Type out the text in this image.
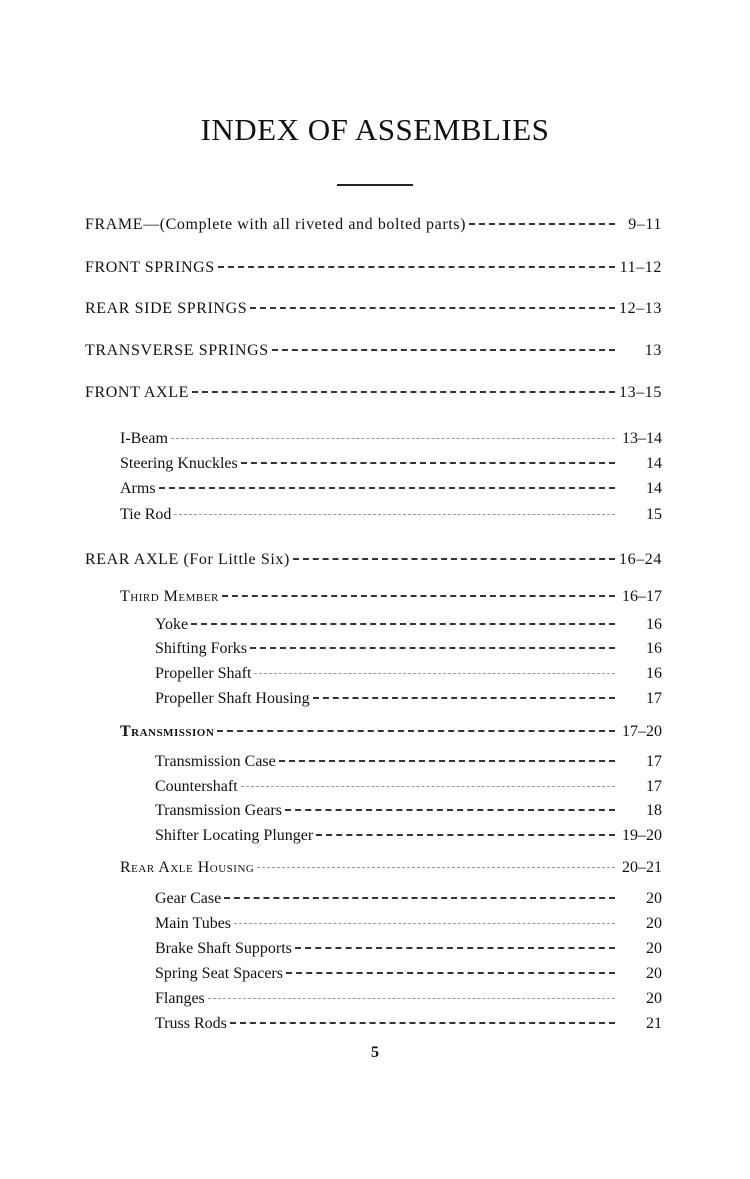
INDEX OF ASSEMBLIES
FRAME—(Complete with all riveted and bolted parts)	9–11
FRONT SPRINGS	11–12
REAR SIDE SPRINGS	12–13
TRANSVERSE SPRINGS	13
FRONT AXLE	13–15
I-Beam	13–14
Steering Knuckles	14
Arms	14
Tie Rod	15
REAR AXLE (For Little Six)	16–24
Third Member	16–17
Yoke	16
Shifting Forks	16
Propeller Shaft	16
Propeller Shaft Housing	17
Transmission	17–20
Transmission Case	17
Countershaft	17
Transmission Gears	18
Shifter Locating Plunger	19–20
Rear Axle Housing	20–21
Gear Case	20
Main Tubes	20
Brake Shaft Supports	20
Spring Seat Spacers	20
Flanges	20
Truss Rods	21
5
